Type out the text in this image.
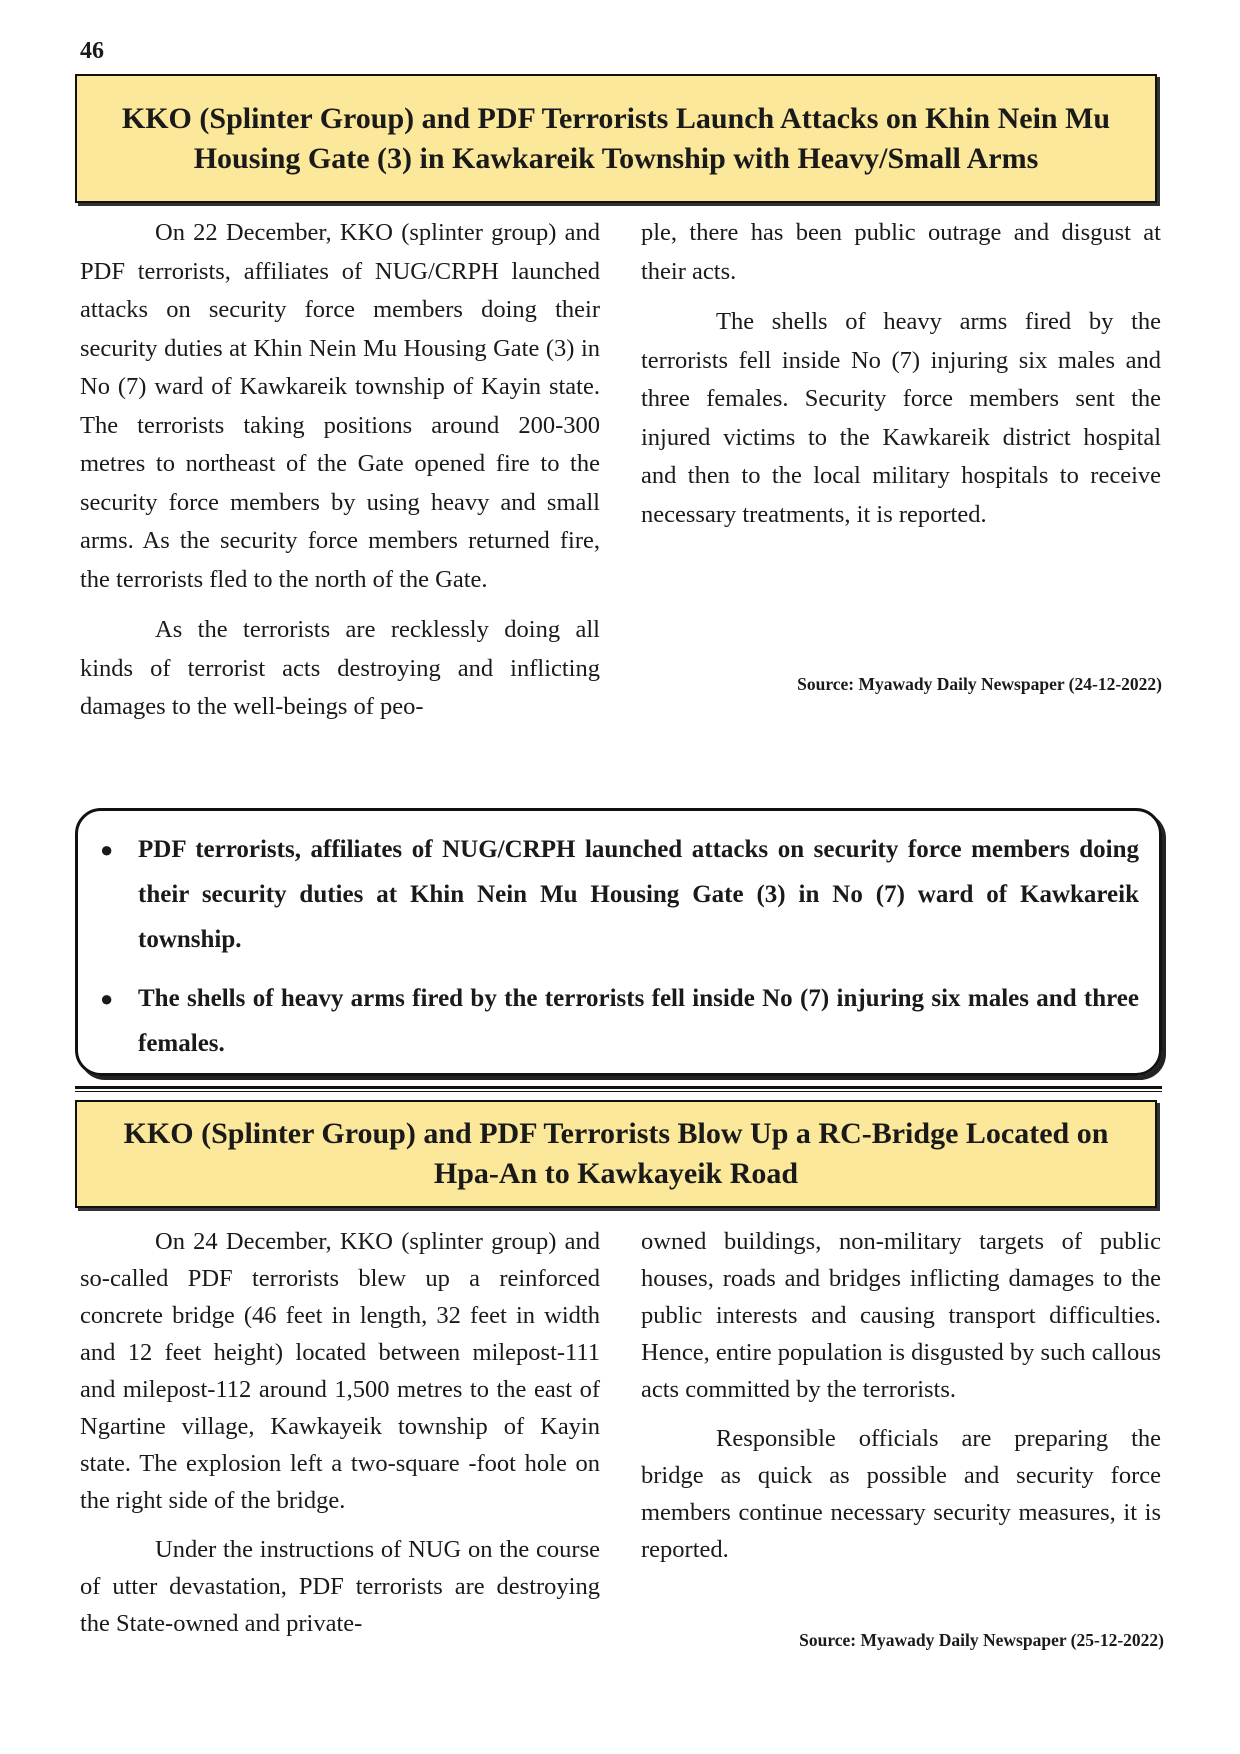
46
KKO (Splinter Group) and PDF Terrorists Launch Attacks on Khin Nein Mu
Housing Gate (3) in Kawkareik Township with Heavy/Small Arms

On 22 December, KKO (splinter group) and PDF terrorists, affiliates of NUG/CRPH launched attacks on security force members doing their security duties at Khin Nein Mu Housing Gate (3) in No (7) ward of Kawkareik township of Kayin state. The terrorists taking positions around 200-300 metres to northeast of the Gate opened fire to the security force members by using heavy and small arms. As the security force members returned fire, the terrorists fled to the north of the Gate.

As the terrorists are recklessly doing all kinds of terrorist acts destroying and inflicting damages to the well-beings of peo-

ple, there has been public outrage and disgust at their acts.

The shells of heavy arms fired by the terrorists fell inside No (7) injuring six males and three females. Security force members sent the injured victims to the Kawkareik district hospital and then to the local military hospitals to receive necessary treatments, it is reported.

Source: Myawady Daily Newspaper (24-12-2022)
● PDF terrorists, affiliates of NUG/CRPH launched attacks on security force members doing their security duties at Khin Nein Mu Housing Gate (3) in No (7) ward of Kawkareik township.
● The shells of heavy arms fired by the terrorists fell inside No (7) injuring six males and three females.
KKO (Splinter Group) and PDF Terrorists Blow Up a RC-Bridge Located on
Hpa-An to Kawkayeik Road

On 24 December, KKO (splinter group) and so-called PDF terrorists blew up a reinforced concrete bridge (46 feet in length, 32 feet in width and 12 feet height) located between milepost-111 and milepost-112 around 1,500 metres to the east of Ngartine village, Kawkayeik township of Kayin state. The explosion left a two-square -foot hole on the right side of the bridge.

Under the instructions of NUG on the course of utter devastation, PDF terrorists are destroying the State-owned and private-

owned buildings, non-military targets of public houses, roads and bridges inflicting damages to the public interests and causing transport difficulties. Hence, entire population is disgusted by such callous acts committed by the terrorists.

Responsible officials are preparing the bridge as quick as possible and security force members continue necessary security measures, it is reported.

Source: Myawady Daily Newspaper (25-12-2022)
